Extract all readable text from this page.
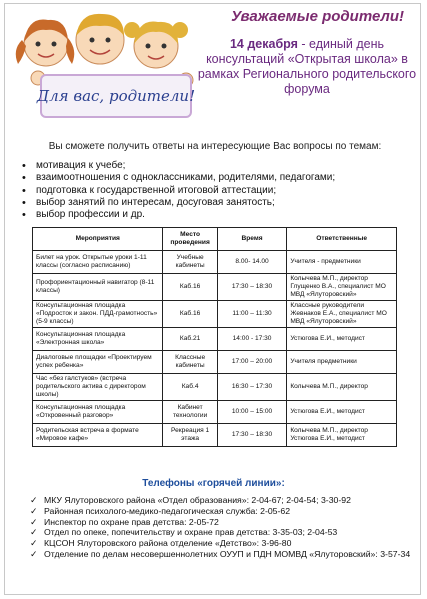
Для вас, родители!
Уважаемые родители!
14 декабря - единый день консультаций «Открытая школа» в рамках Регионального родительского форума
Вы сможете получить ответы на интересующие Вас вопросы по темам:
• мотивация к учебе;
• взаимоотношения с одноклассниками, родителями, педагогами;
• подготовка к государственной итоговой аттестации;
• выбор занятий по интересам, досуговая занятость;
• выбор профессии и др.
Мероприятия	Место проведения	Время	Ответственные
Билет на урок. Открытые уроки 1-11 классы (согласно расписанию)	Учебные кабинеты	8.00- 14.00	Учителя - предметники
Профориентационный навигатор (8-11 классы)	Каб.16	17:30 – 18:30	Колычева М.П., директор Глущенко В.А., специалист МО МВД «Ялуторовский»
Консультационная площадка «Подросток и закон. ПДД-грамотность» (5-9 классы)	Каб.16	11:00 – 11:30	Классные руководители Жевнаков Е.А., специалист МО МВД «Ялуторовский»
Консультационная площадка «Электронная школа»	Каб.21	14:00 - 17:30	Устюгова Е.И., методист
Диалоговые площадки «Проектируем успех ребенка»	Классные кабинеты	17:00 – 20:00	Учителя предметники
Час «без галстуков» (встреча родительского актива с директором школы)	Каб.4	16:30 – 17:30	Колычева М.П., директор
Консультационная площадка «Откровенный разговор»	Кабинет технологии	10:00 – 15:00	Устюгова Е.И., методист
Родительская встреча в формате «Мировое кафе»	Рекреация 1 этажа	17:30 – 18:30	Колычева М.П., директор Устюгова Е.И., методист
Телефоны «горячей линии»:
✓ МКУ Ялуторовского района «Отдел образования»: 2-04-67; 2-04-54; 3-30-92
✓ Районная психолого-медико-педагогическая служба: 2-05-62
✓ Инспектор по охране прав детства: 2-05-72
✓ Отдел по опеке, попечительству и охране прав детства: 3-35-03; 2-04-53
✓ КЦСОН Ялуторовского района отделение «Детство»: 3-96-80
✓ Отделение по делам несовершеннолетних ОУУП и ПДН МОМВД «Ялуторовский»: 3-57-34
